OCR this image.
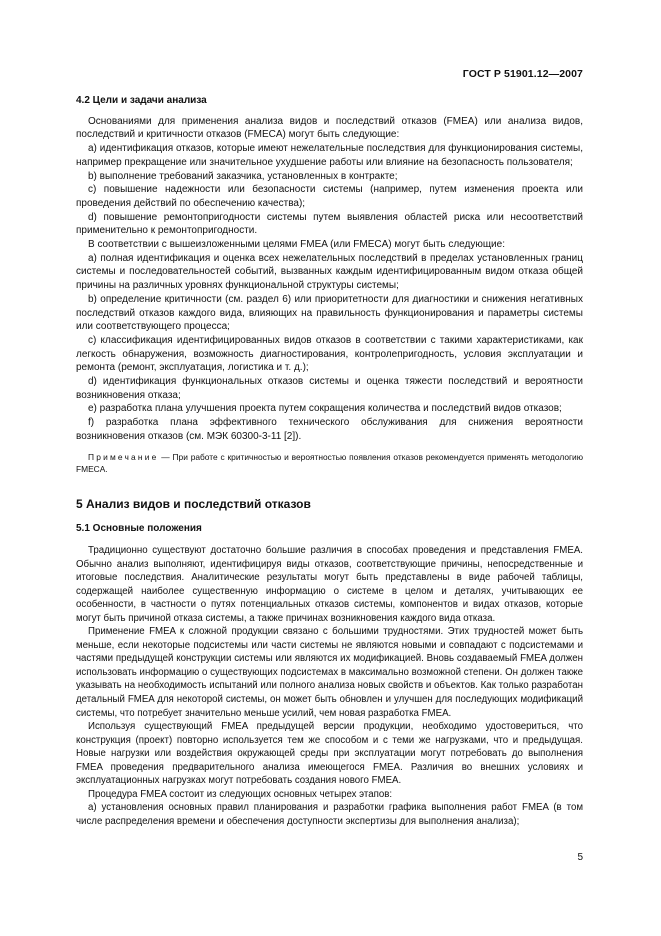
ГОСТ Р 51901.12—2007
4.2 Цели и задачи анализа

Основаниями для применения анализа видов и последствий отказов (FMEA) или анализа видов, последствий и критичности отказов (FMECA) могут быть следующие:

а) идентификация отказов, которые имеют нежелательные последствия для функционирования системы, например прекращение или значительное ухудшение работы или влияние на безопасность пользователя;

b) выполнение требований заказчика, установленных в контракте;

c) повышение надежности или безопасности системы (например, путем изменения проекта или проведения действий по обеспечению качества);

d) повышение ремонтопригодности системы путем выявления областей риска или несоответствий применительно к ремонтопригодности.

В соответствии с вышеизложенными целями FMEA (или FMECA) могут быть следующие:

а) полная идентификация и оценка всех нежелательных последствий в пределах установленных границ системы и последовательностей событий, вызванных каждым идентифицированным видом отказа общей причины на различных уровнях функциональной структуры системы;

b) определение критичности (см. раздел 6) или приоритетности для диагностики и снижения негативных последствий отказов каждого вида, влияющих на правильность функционирования и параметры системы или соответствующего процесса;

c) классификация идентифицированных видов отказов в соответствии с такими характеристиками, как легкость обнаружения, возможность диагностирования, контролепригодность, условия эксплуатации и ремонта (ремонт, эксплуатация, логистика и т. д.);

d) идентификация функциональных отказов системы и оценка тяжести последствий и вероятности возникновения отказа;

e) разработка плана улучшения проекта путем сокращения количества и последствий видов отказов;

f) разработка плана эффективного технического обслуживания для снижения вероятности возникновения отказов (см. МЭК 60300-3-11 [2]).

Примечание — При работе с критичностью и вероятностью появления отказов рекомендуется применять методологию FMECA.
5 Анализ видов и последствий отказов
5.1 Основные положения

Традиционно существуют достаточно большие различия в способах проведения и представления FMEA. Обычно анализ выполняют, идентифицируя виды отказов, соответствующие причины, непосредственные и итоговые последствия. Аналитические результаты могут быть представлены в виде рабочей таблицы, содержащей наиболее существенную информацию о системе в целом и деталях, учитывающих ее особенности, в частности о путях потенциальных отказов системы, компонентов и видах отказов, которые могут быть причиной отказа системы, а также причинах возникновения каждого вида отказа.

Применение FMEA к сложной продукции связано с большими трудностями. Этих трудностей может быть меньше, если некоторые подсистемы или части системы не являются новыми и совпадают с подсистемами и частями предыдущей конструкции системы или являются их модификацией. Вновь создаваемый FMEA должен использовать информацию о существующих подсистемах в максимально возможной степени. Он должен также указывать на необходимость испытаний или полного анализа новых свойств и объектов. Как только разработан детальный FMEA для некоторой системы, он может быть обновлен и улучшен для последующих модификаций системы, что потребует значительно меньше усилий, чем новая разработка FMEA.

Используя существующий FMEA предыдущей версии продукции, необходимо удостовериться, что конструкция (проект) повторно используется тем же способом и с теми же нагрузками, что и предыдущая. Новые нагрузки или воздействия окружающей среды при эксплуатации могут потребовать до выполнения FMEA проведения предварительного анализа имеющегося FMEA. Различия во внешних условиях и эксплуатационных нагрузках могут потребовать создания нового FMEA.

Процедура FMEA состоит из следующих основных четырех этапов:

а) установления основных правил планирования и разработки графика выполнения работ FMEA (в том числе распределения времени и обеспечения доступности экспертизы для выполнения анализа);

5
